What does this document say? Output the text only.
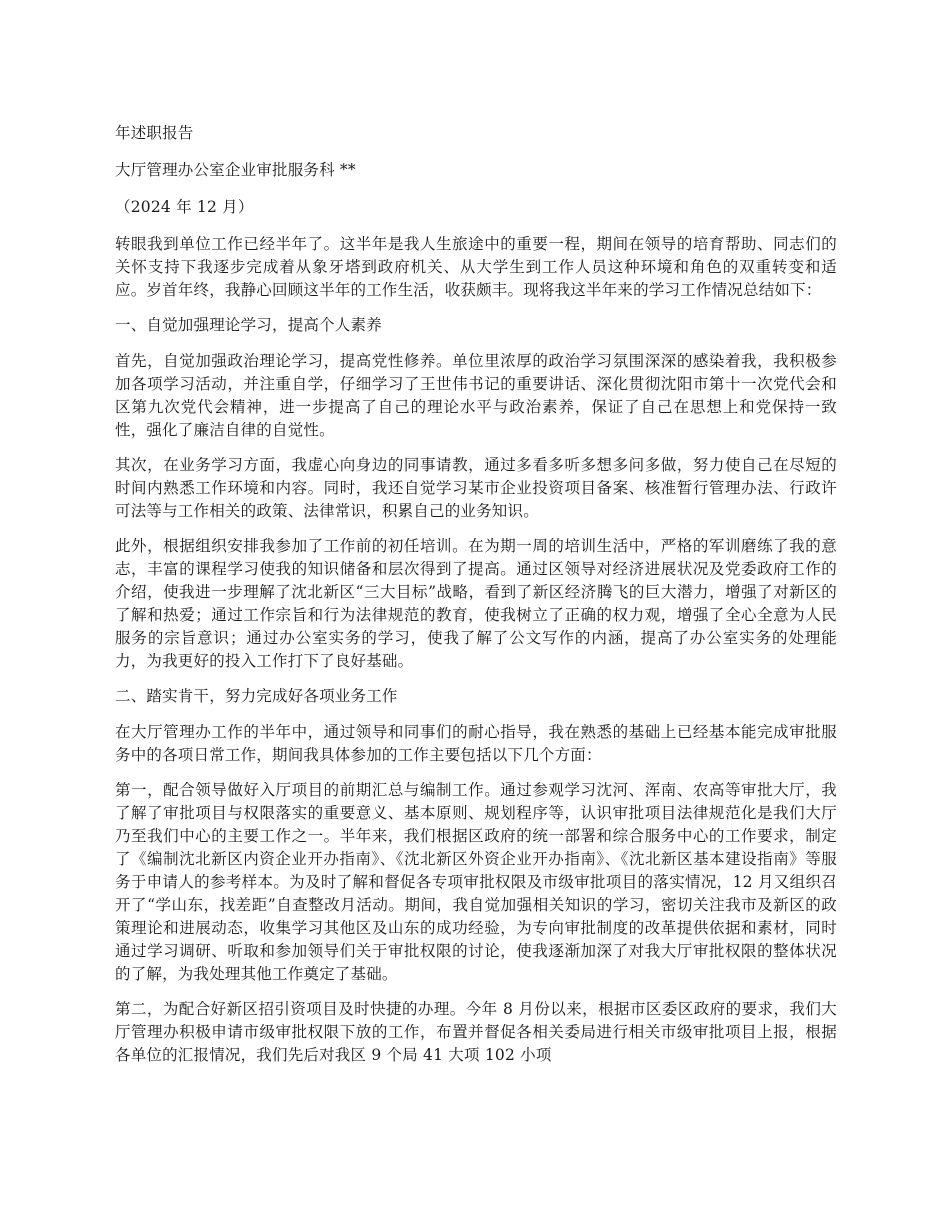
年述职报告

大厅管理办公室企业审批服务科 **

（2024 年 12 月）

转眼我到单位工作已经半年了。这半年是我人生旅途中的重要一程，期间在领导的培育帮助、同志们的关怀支持下我逐步完成着从象牙塔到政府机关、从大学生到工作人员这种环境和角色的双重转变和适应。岁首年终，我静心回顾这半年的工作生活，收获颇丰。现将我这半年来的学习工作情况总结如下：

一、自觉加强理论学习，提高个人素养

首先，自觉加强政治理论学习，提高党性修养。单位里浓厚的政治学习氛围深深的感染着我，我积极参加各项学习活动，并注重自学，仔细学习了王世伟书记的重要讲话、深化贯彻沈阳市第十一次党代会和区第九次党代会精神，进一步提高了自己的理论水平与政治素养，保证了自己在思想上和党保持一致性，强化了廉洁自律的自觉性。

其次，在业务学习方面，我虚心向身边的同事请教，通过多看多听多想多问多做，努力使自己在尽短的时间内熟悉工作环境和内容。同时，我还自觉学习某市企业投资项目备案、核准暂行管理办法、行政许可法等与工作相关的政策、法律常识，积累自己的业务知识。

此外，根据组织安排我参加了工作前的初任培训。在为期一周的培训生活中，严格的军训磨练了我的意志，丰富的课程学习使我的知识储备和层次得到了提高。通过区领导对经济进展状况及党委政府工作的介绍，使我进一步理解了沈北新区“三大目标”战略，看到了新区经济腾飞的巨大潜力，增强了对新区的了解和热爱；通过工作宗旨和行为法律规范的教育，使我树立了正确的权力观，增强了全心全意为人民服务的宗旨意识；通过办公室实务的学习，使我了解了公文写作的内涵，提高了办公室实务的处理能力，为我更好的投入工作打下了良好基础。

二、踏实肯干，努力完成好各项业务工作

在大厅管理办工作的半年中，通过领导和同事们的耐心指导，我在熟悉的基础上已经基本能完成审批服务中的各项日常工作，期间我具体参加的工作主要包括以下几个方面：

第一，配合领导做好入厅项目的前期汇总与编制工作。通过参观学习沈河、浑南、农高等审批大厅，我了解了审批项目与权限落实的重要意义、基本原则、规划程序等，认识审批项目法律规范化是我们大厅乃至我们中心的主要工作之一。半年来，我们根据区政府的统一部署和综合服务中心的工作要求，制定了《编制沈北新区内资企业开办指南》、《沈北新区外资企业开办指南》、《沈北新区基本建设指南》等服务于申请人的参考样本。为及时了解和督促各专项审批权限及市级审批项目的落实情况，12 月又组织召开了“学山东，找差距”自查整改月活动。期间，我自觉加强相关知识的学习，密切关注我市及新区的政策理论和进展动态，收集学习其他区及山东的成功经验，为专向审批制度的改革提供依据和素材，同时通过学习调研、听取和参加领导们关于审批权限的讨论，使我逐渐加深了对我大厅审批权限的整体状况的了解，为我处理其他工作奠定了基础。

第二，为配合好新区招引资项目及时快捷的办理。今年 8 月份以来，根据市区委区政府的要求，我们大厅管理办积极申请市级审批权限下放的工作，布置并督促各相关委局进行相关市级审批项目上报，根据各单位的汇报情况，我们先后对我区 9 个局 41 大项 102 小项
